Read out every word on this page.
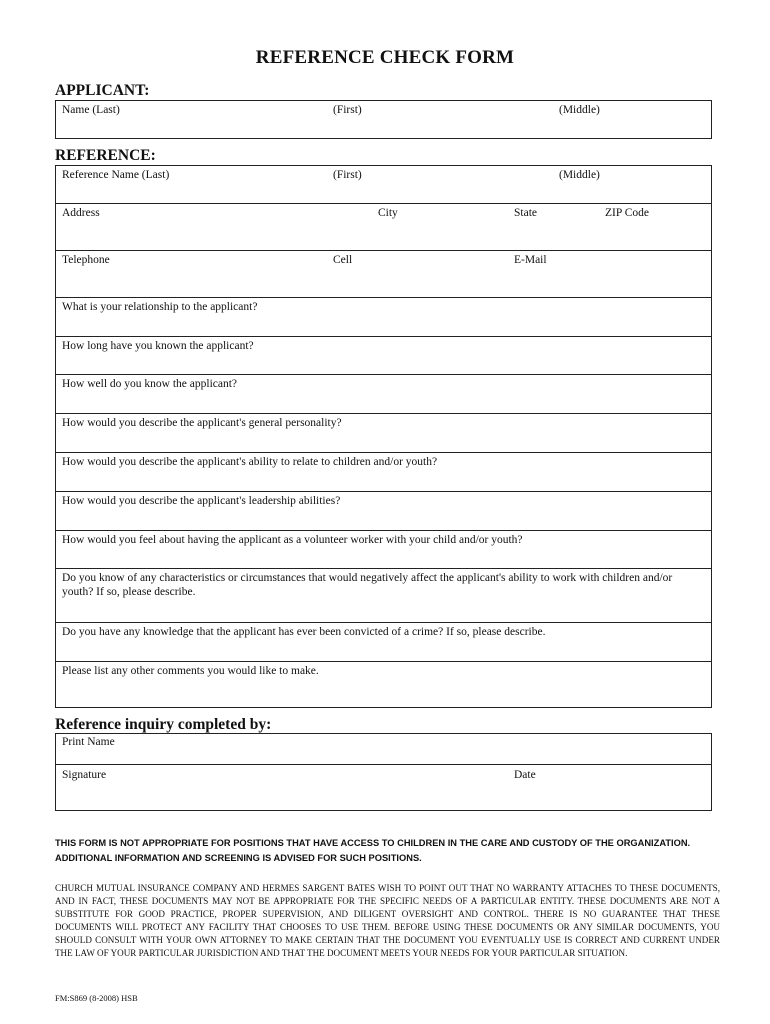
REFERENCE CHECK FORM
APPLICANT:
Name (Last)	(First)	(Middle)
REFERENCE:
Reference Name (Last)	(First)	(Middle)
Address	City	State	ZIP Code
Telephone	Cell	E-Mail
What is your relationship to the applicant?
How long have you known the applicant?
How well do you know the applicant?
How would you describe the applicant's general personality?
How would you describe the applicant's ability to relate to children and/or youth?
How would you describe the applicant's leadership abilities?
How would you feel about having the applicant as a volunteer worker with your child and/or youth?
Do you know of any characteristics or circumstances that would negatively affect the applicant's ability to work with children and/or youth? If so, please describe.
Do you have any knowledge that the applicant has ever been convicted of a crime? If so, please describe.
Please list any other comments you would like to make.
Reference inquiry completed by:
Print Name
Signature	Date
THIS FORM IS NOT APPROPRIATE FOR POSITIONS THAT HAVE ACCESS TO CHILDREN IN THE CARE AND CUSTODY OF THE ORGANIZATION. ADDITIONAL INFORMATION AND SCREENING IS ADVISED FOR SUCH POSITIONS.
CHURCH MUTUAL INSURANCE COMPANY AND HERMES SARGENT BATES WISH TO POINT OUT THAT NO WARRANTY ATTACHES TO THESE DOCUMENTS, AND IN FACT, THESE DOCUMENTS MAY NOT BE APPROPRIATE FOR THE SPECIFIC NEEDS OF A PARTICULAR ENTITY. THESE DOCUMENTS ARE NOT A SUBSTITUTE FOR GOOD PRACTICE, PROPER SUPERVISION, AND DILIGENT OVERSIGHT AND CONTROL. THERE IS NO GUARANTEE THAT THESE DOCUMENTS WILL PROTECT ANY FACILITY THAT CHOOSES TO USE THEM. BEFORE USING THESE DOCUMENTS OR ANY SIMILAR DOCUMENTS, YOU SHOULD CONSULT WITH YOUR OWN ATTORNEY TO MAKE CERTAIN THAT THE DOCUMENT YOU EVENTUALLY USE IS CORRECT AND CURRENT UNDER THE LAW OF YOUR PARTICULAR JURISDICTION AND THAT THE DOCUMENT MEETS YOUR NEEDS FOR YOUR PARTICULAR SITUATION.
FM:S869 (8-2008) HSB
